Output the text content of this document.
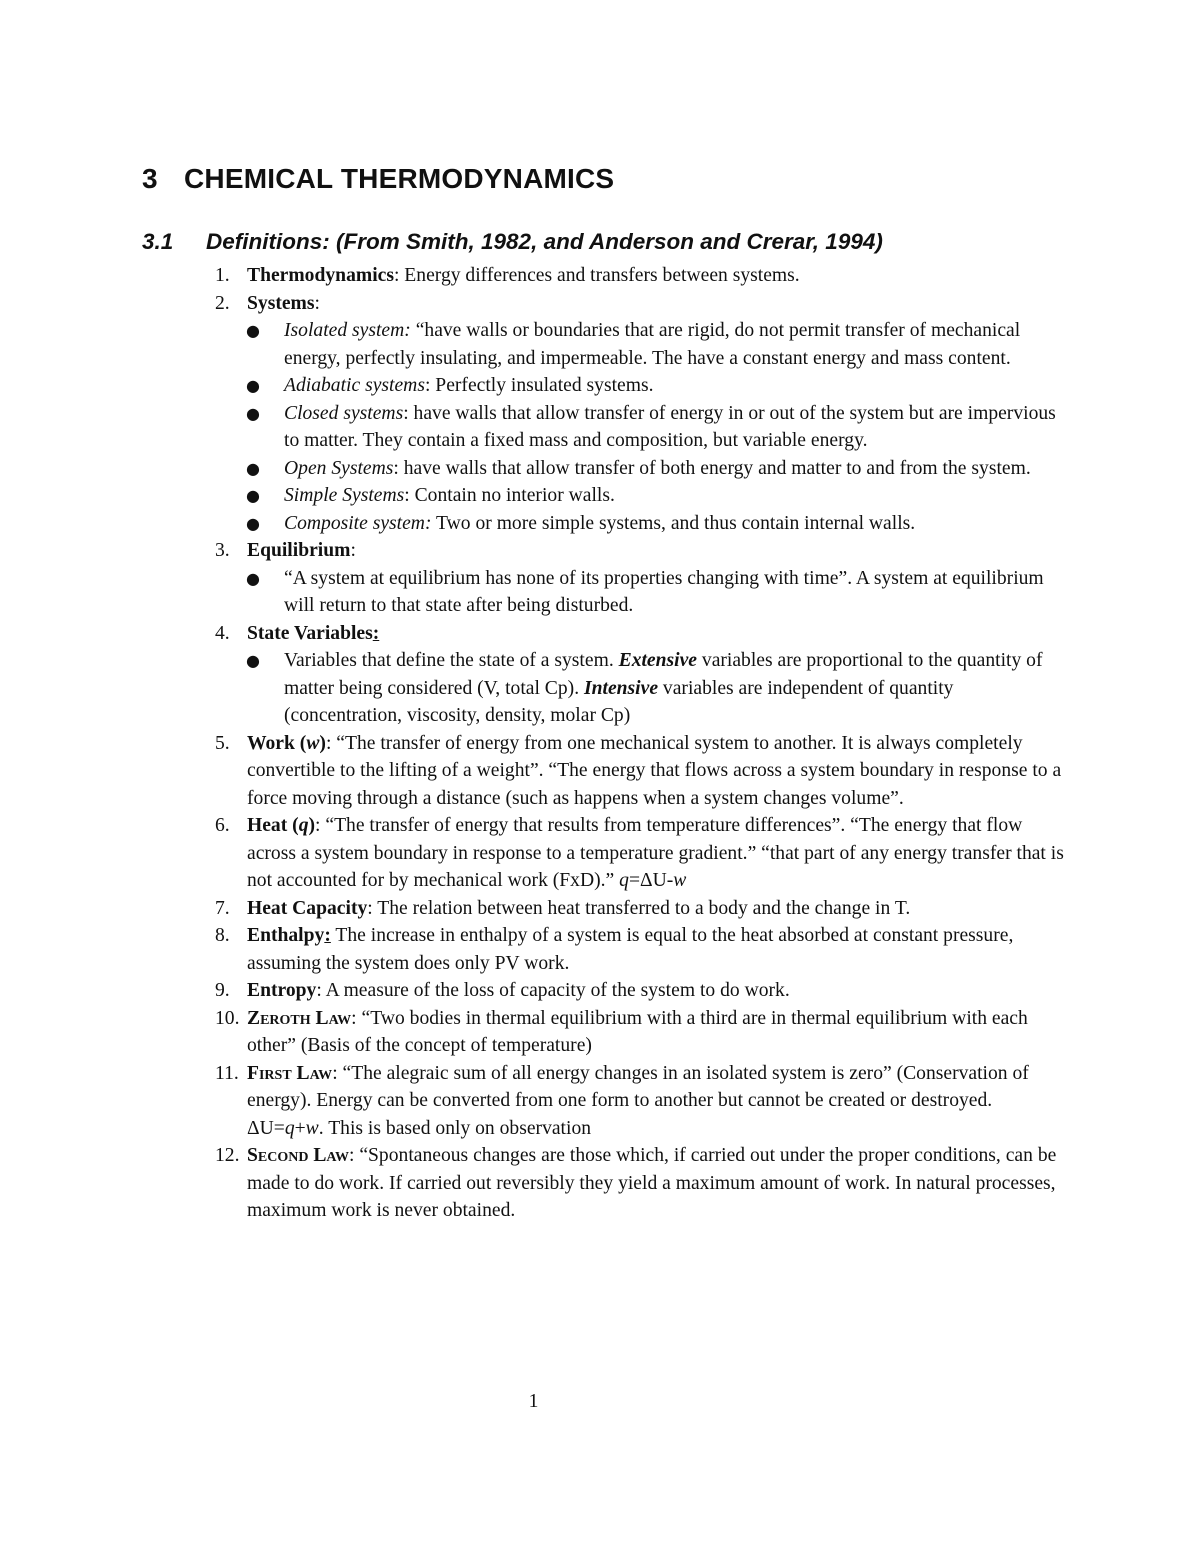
3 CHEMICAL THERMODYNAMICS
3.1 Definitions: (From Smith, 1982, and Anderson and Crerar, 1994)
1. Thermodynamics: Energy differences and transfers between systems.
2. Systems:
● Isolated system: “have walls or boundaries that are rigid, do not permit transfer of mechanical energy, perfectly insulating, and impermeable. The have a constant energy and mass content.
● Adiabatic systems: Perfectly insulated systems.
● Closed systems: have walls that allow transfer of energy in or out of the system but are impervious to matter. They contain a fixed mass and composition, but variable energy.
● Open Systems: have walls that allow transfer of both energy and matter to and from the system.
● Simple Systems: Contain no interior walls.
● Composite system: Two or more simple systems, and thus contain internal walls.
3. Equilibrium:
● “A system at equilibrium has none of its properties changing with time”. A system at equilibrium will return to that state after being disturbed.
4. State Variables:
● Variables that define the state of a system. Extensive variables are proportional to the quantity of matter being considered (V, total Cp). Intensive variables are independent of quantity (concentration, viscosity, density, molar Cp)
5. Work (w): “The transfer of energy from one mechanical system to another. It is always completely convertible to the lifting of a weight”. “The energy that flows across a system boundary in response to a force moving through a distance (such as happens when a system changes volume”.
6. Heat (q): “The transfer of energy that results from temperature differences”. “The energy that flow across a system boundary in response to a temperature gradient.” “that part of any energy transfer that is not accounted for by mechanical work (FxD).” q=ΔU-w
7. Heat Capacity: The relation between heat transferred to a body and the change in T.
8. Enthalpy: The increase in enthalpy of a system is equal to the heat absorbed at constant pressure, assuming the system does only PV work.
9. Entropy: A measure of the loss of capacity of the system to do work.
10. Zeroth Law: “Two bodies in thermal equilibrium with a third are in thermal equilibrium with each other” (Basis of the concept of temperature)
11. First Law: “The alegraic sum of all energy changes in an isolated system is zero” (Conservation of energy). Energy can be converted from one form to another but cannot be created or destroyed. ΔU=q+w. This is based only on observation
12. Second Law: “Spontaneous changes are those which, if carried out under the proper conditions, can be made to do work. If carried out reversibly they yield a maximum amount of work. In natural processes, maximum work is never obtained.
1
